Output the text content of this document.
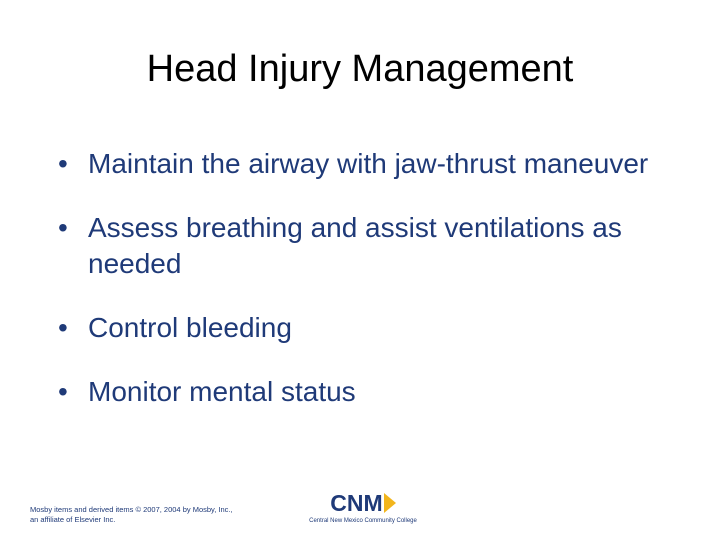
Head Injury Management
• Maintain the airway with jaw-thrust maneuver
• Assess breathing and assist ventilations as needed
• Control bleeding
• Monitor mental status
Mosby items and derived items © 2007, 2004 by Mosby, Inc.,
an affiliate of Elsevier Inc.
CNM
Central New Mexico Community College
